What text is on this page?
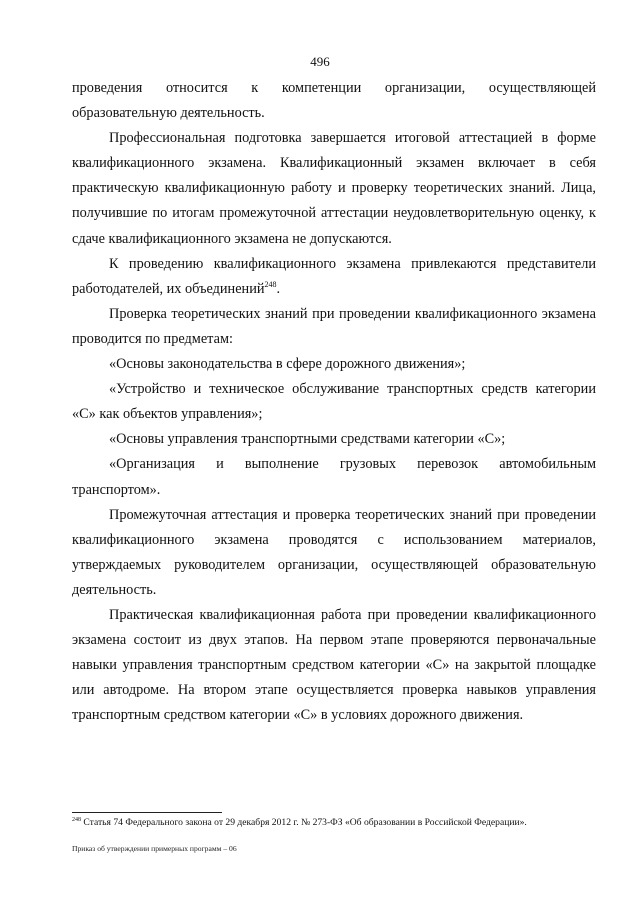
496

проведения относится к компетенции организации, осуществляющей образовательную деятельность.

Профессиональная подготовка завершается итоговой аттестацией в форме квалификационного экзамена. Квалификационный экзамен включает в себя практическую квалификационную работу и проверку теоретических знаний. Лица, получившие по итогам промежуточной аттестации неудовлетворительную оценку, к сдаче квалификационного экзамена не допускаются.

К проведению квалификационного экзамена привлекаются представители работодателей, их объединений$^{248}$.

Проверка теоретических знаний при проведении квалификационного экзамена проводится по предметам:

«Основы законодательства в сфере дорожного движения»;

«Устройство и техническое обслуживание транспортных средств категории «С» как объектов управления»;

«Основы управления транспортными средствами категории «С»;

«Организация и выполнение грузовых перевозок автомобильным транспортом».

Промежуточная аттестация и проверка теоретических знаний при проведении квалификационного экзамена проводятся с использованием материалов, утверждаемых руководителем организации, осуществляющей образовательную деятельность.

Практическая квалификационная работа при проведении квалификационного экзамена состоит из двух этапов. На первом этапе проверяются первоначальные навыки управления транспортным средством категории «С» на закрытой площадке или автодроме. На втором этапе осуществляется проверка навыков управления транспортным средством категории «С» в условиях дорожного движения.

$^{248}$ Статья 74 Федерального закона от 29 декабря 2012 г. № 273-ФЗ «Об образовании в Российской Федерации».
Приказ об утверждении примерных программ – 06
